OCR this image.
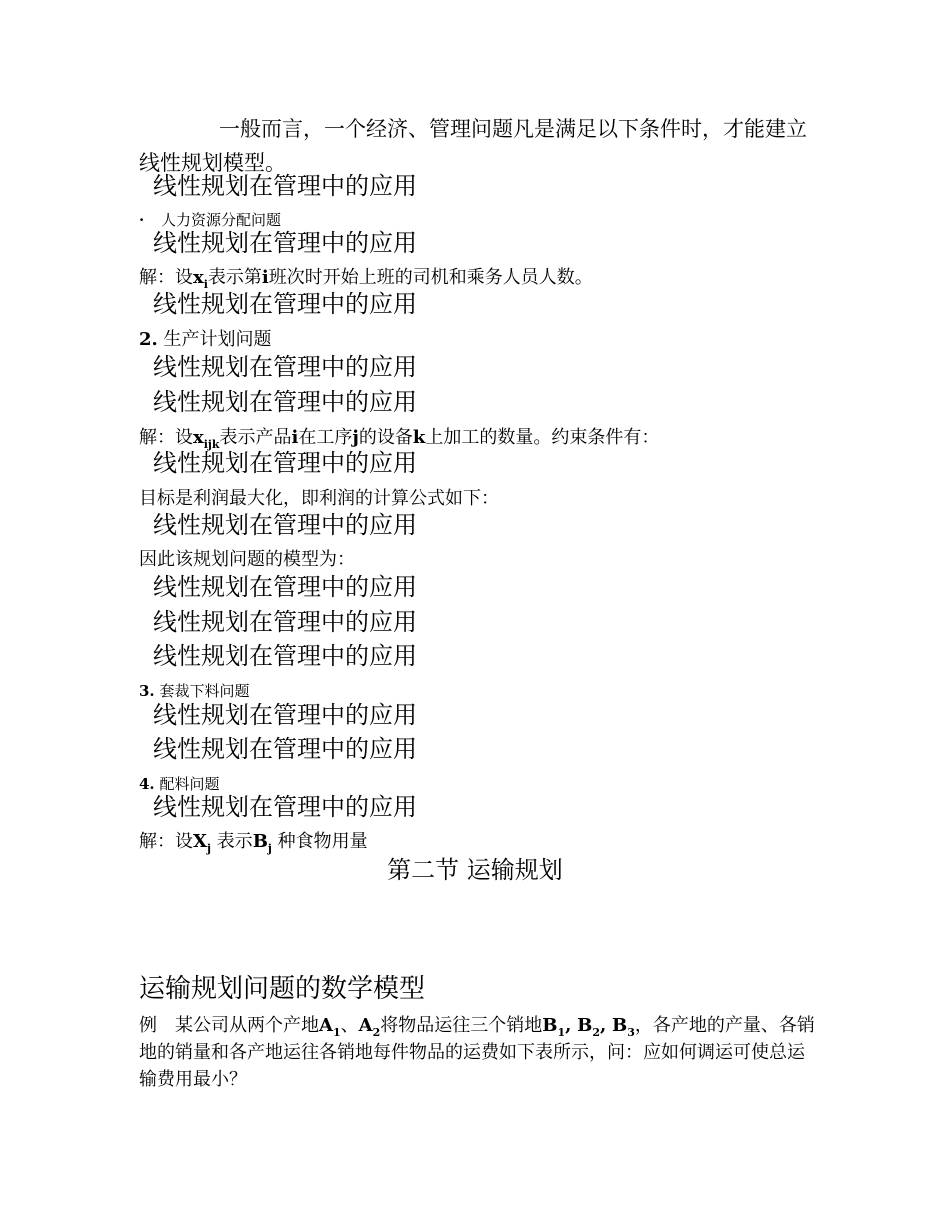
一般而言，一个经济、管理问题凡是满足以下条件时，才能建立线性规划模型。
线性规划在管理中的应用
· 人力资源分配问题
线性规划在管理中的应用
解：设$x_i$表示第i班次时开始上班的司机和乘务人员人数。
线性规划在管理中的应用
2. 生产计划问题
线性规划在管理中的应用
线性规划在管理中的应用
解：设$x_{ijk}$表示产品i在工序j的设备k上加工的数量。约束条件有：
线性规划在管理中的应用
目标是利润最大化，即利润的计算公式如下：
线性规划在管理中的应用
因此该规划问题的模型为：
线性规划在管理中的应用
线性规划在管理中的应用
线性规划在管理中的应用
3. 套裁下料问题
线性规划在管理中的应用
线性规划在管理中的应用
4. 配料问题
线性规划在管理中的应用
解：设$X_j$ 表示$B_j$ 种食物用量
第二节 运输规划
运输规划问题的数学模型
例　某公司从两个产地$A_1$、$A_2$将物品运往三个销地$B_1$, $B_2$, $B_3$，各产地的产量、各销地的销量和各产地运往各销地每件物品的运费如下表所示，问：应如何调运可使总运输费用最小？
